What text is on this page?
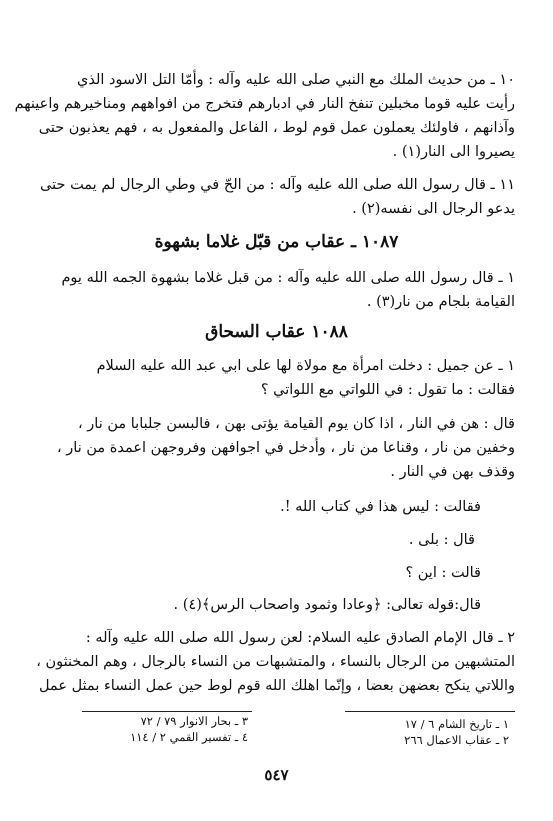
١٠ ـ من حديث الملك مع النبي صلى الله عليه وآله : وأمّا التل الاسود الذي
رأيت عليه قوما مخبلين تنفخ النار في ادبارهم فتخرج من افواههم ومناخيرهم واعينهم
وآذانهم ، فاولئك يعملون عمل قوم لوط ، الفاعل والمفعول به ، فهم يعذبون حتى
يصيروا الى النار(١) .
١١ ـ قال رسول الله صلى الله عليه وآله : من الحّ في وطي الرجال لم يمت حتى
يدعو الرجال الى نفسه(٢) .
١٠٨٧ ـ عقاب من قبّل غلاما بشهوة
١ ـ قال رسول الله صلى الله عليه وآله : من قبل غلاما بشهوة الجمه الله يوم
القيامة بلجام من نار(٣) .
١٠٨٨ عقاب السحاق
١ ـ عن جميل : دخلت امرأة مع مولاة لها على ابي عبد الله عليه السلام
فقالت : ما تقول : في اللواتي مع اللواتي ؟
قال : هن في النار ، اذا كان يوم القيامة يؤتى بهن ، فالبسن جلبابا من نار ،
وخفين من نار ، وقناعا من نار ، وأدخل في اجوافهن وفروجهن اعمدة من نار ،
وقذف بهن في النار .
فقالت : ليس هذا في كتاب الله !.
قال : بلى .
قالت : اين ؟
قال:قوله تعالى: ﴿وعادا وثمود واصحاب الرس﴾(٤) .
٢ ـ قال الإمام الصادق عليه السلام: لعن رسول الله صلى الله عليه وآله :
المتشبهين من الرجال بالنساء ، والمتشبهات من النساء بالرجال ، وهم المخنثون ،
واللاتي ينكح بعضهن بعضا ، وإنّما اهلك الله قوم لوط حين عمل النساء بمثل عمل
١ ـ تاريخ الشام ٦ / ١٧
٢ ـ عقاب الاعمال ٢٦٦
٣ ـ بحار الانوار ٧٩ / ٧٢
٤ ـ تفسير القمي ٢ / ١١٤
٥٤٧
